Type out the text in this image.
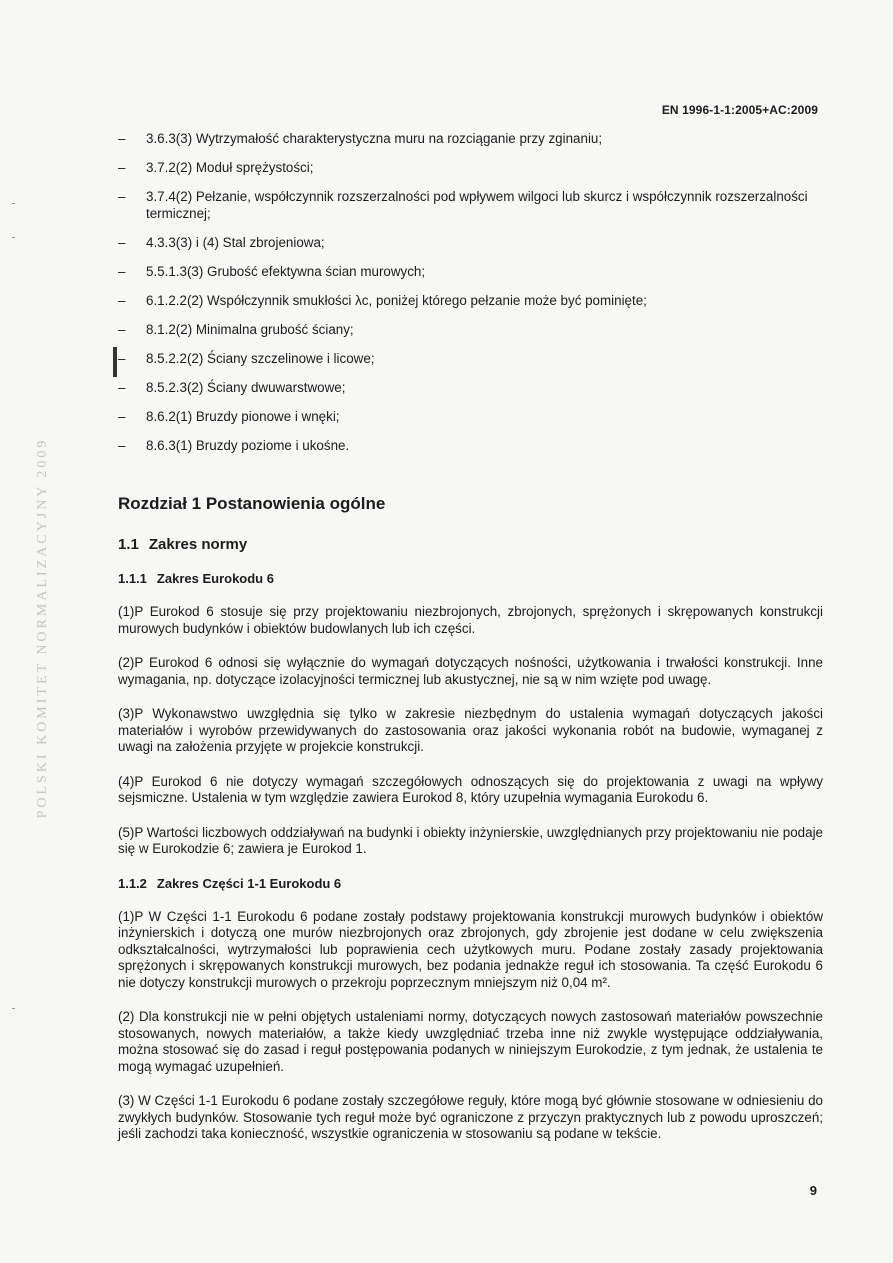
EN 1996-1-1:2005+AC:2009
POLSKI KOMITET NORMALIZACYJNY 2009
– 3.6.3(3) Wytrzymałość charakterystyczna muru na rozciąganie przy zginaniu;
– 3.7.2(2) Moduł sprężystości;
– 3.7.4(2) Pełzanie, współczynnik rozszerzalności pod wpływem wilgoci lub skurcz i współczynnik rozszerzalności termicznej;
– 4.3.3(3) i (4) Stal zbrojeniowa;
– 5.5.1.3(3) Grubość efektywna ścian murowych;
– 6.1.2.2(2) Współczynnik smukłości λc, poniżej którego pełzanie może być pominięte;
– 8.1.2(2) Minimalna grubość ściany;
– 8.5.2.2(2) Ściany szczelinowe i licowe;
– 8.5.2.3(2) Ściany dwuwarstwowe;
– 8.6.2(1) Bruzdy pionowe i wnęki;
– 8.6.3(1) Bruzdy poziome i ukośne.
Rozdział 1 Postanowienia ogólne
1.1 Zakres normy
1.1.1 Zakres Eurokodu 6

(1)P Eurokod 6 stosuje się przy projektowaniu niezbrojonych, zbrojonych, sprężonych i skrępowanych konstrukcji murowych budynków i obiektów budowlanych lub ich części.

(2)P Eurokod 6 odnosi się wyłącznie do wymagań dotyczących nośności, użytkowania i trwałości konstrukcji. Inne wymagania, np. dotyczące izolacyjności termicznej lub akustycznej, nie są w nim wzięte pod uwagę.

(3)P Wykonawstwo uwzględnia się tylko w zakresie niezbędnym do ustalenia wymagań dotyczących jakości materiałów i wyrobów przewidywanych do zastosowania oraz jakości wykonania robót na budowie, wymaganej z uwagi na założenia przyjęte w projekcie konstrukcji.

(4)P Eurokod 6 nie dotyczy wymagań szczegółowych odnoszących się do projektowania z uwagi na wpływy sejsmiczne. Ustalenia w tym względzie zawiera Eurokod 8, który uzupełnia wymagania Eurokodu 6.

(5)P Wartości liczbowych oddziaływań na budynki i obiekty inżynierskie, uwzględnianych przy projektowaniu nie podaje się w Eurokodzie 6; zawiera je Eurokod 1.

1.1.2 Zakres Części 1-1 Eurokodu 6

(1)P W Części 1-1 Eurokodu 6 podane zostały podstawy projektowania konstrukcji murowych budynków i obiektów inżynierskich i dotyczą one murów niezbrojonych oraz zbrojonych, gdy zbrojenie jest dodane w celu zwiększenia odkształcalności, wytrzymałości lub poprawienia cech użytkowych muru. Podane zostały zasady projektowania sprężonych i skrępowanych konstrukcji murowych, bez podania jednakże reguł ich stosowania. Ta część Eurokodu 6 nie dotyczy konstrukcji murowych o przekroju poprzecznym mniejszym niż 0,04 m².

(2) Dla konstrukcji nie w pełni objętych ustaleniami normy, dotyczących nowych zastosowań materiałów powszechnie stosowanych, nowych materiałów, a także kiedy uwzględniać trzeba inne niż zwykle występujące oddziaływania, można stosować się do zasad i reguł postępowania podanych w niniejszym Eurokodzie, z tym jednak, że ustalenia te mogą wymagać uzupełnień.

(3) W Części 1-1 Eurokodu 6 podane zostały szczegółowe reguły, które mogą być głównie stosowane w odniesieniu do zwykłych budynków. Stosowanie tych reguł może być ograniczone z przyczyn praktycznych lub z powodu uproszczeń; jeśli zachodzi taka konieczność, wszystkie ograniczenia w stosowaniu są podane w tekście.

9
